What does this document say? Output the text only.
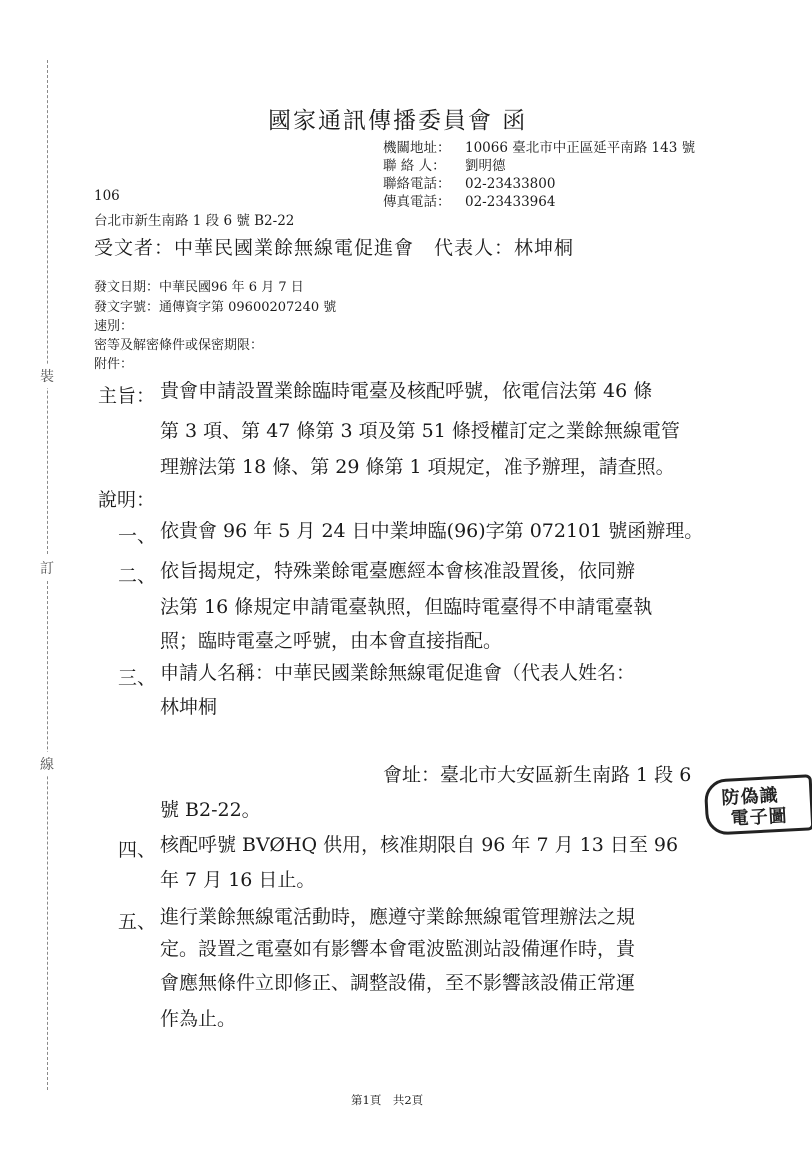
裝
訂
線
國家通訊傳播委員會 函
機關地址： 10066 臺北市中正區延平南路 143 號
聯 絡 人： 劉明德
聯絡電話： 02-23433800
傳真電話： 02-23433964
106
台北市新生南路 1 段 6 號 B2-22
受文者：中華民國業餘無線電促進會　代表人：林坤桐
發文日期：中華民國96 年 6 月 7 日
發文字號：通傳資字第 09600207240 號
速別：
密等及解密條件或保密期限：
附件：
主旨： 貴會申請設置業餘臨時電臺及核配呼號，依電信法第 46 條
第 3 項、第 47 條第 3 項及第 51 條授權訂定之業餘無線電管
理辦法第 18 條、第 29 條第 1 項規定，准予辦理，請查照。
說明：
一、 依貴會 96 年 5 月 24 日中業坤臨(96)字第 072101 號函辦理。
二、 依旨揭規定，特殊業餘電臺應經本會核准設置後，依同辦
法第 16 條規定申請電臺執照，但臨時電臺得不申請電臺執
照；臨時電臺之呼號，由本會直接指配。
三、 申請人名稱：中華民國業餘無線電促進會（代表人姓名：
林坤桐
會址：臺北市大安區新生南路 1 段 6
號 B2-22。
防偽識
電子圖
四、 核配呼號 BVØHQ 供用，核准期限自 96 年 7 月 13 日至 96
年 7 月 16 日止。
五、 進行業餘無線電活動時，應遵守業餘無線電管理辦法之規
定。設置之電臺如有影響本會電波監測站設備運作時，貴
會應無條件立即修正、調整設備，至不影響該設備正常運
作為止。
第1頁　共2頁
